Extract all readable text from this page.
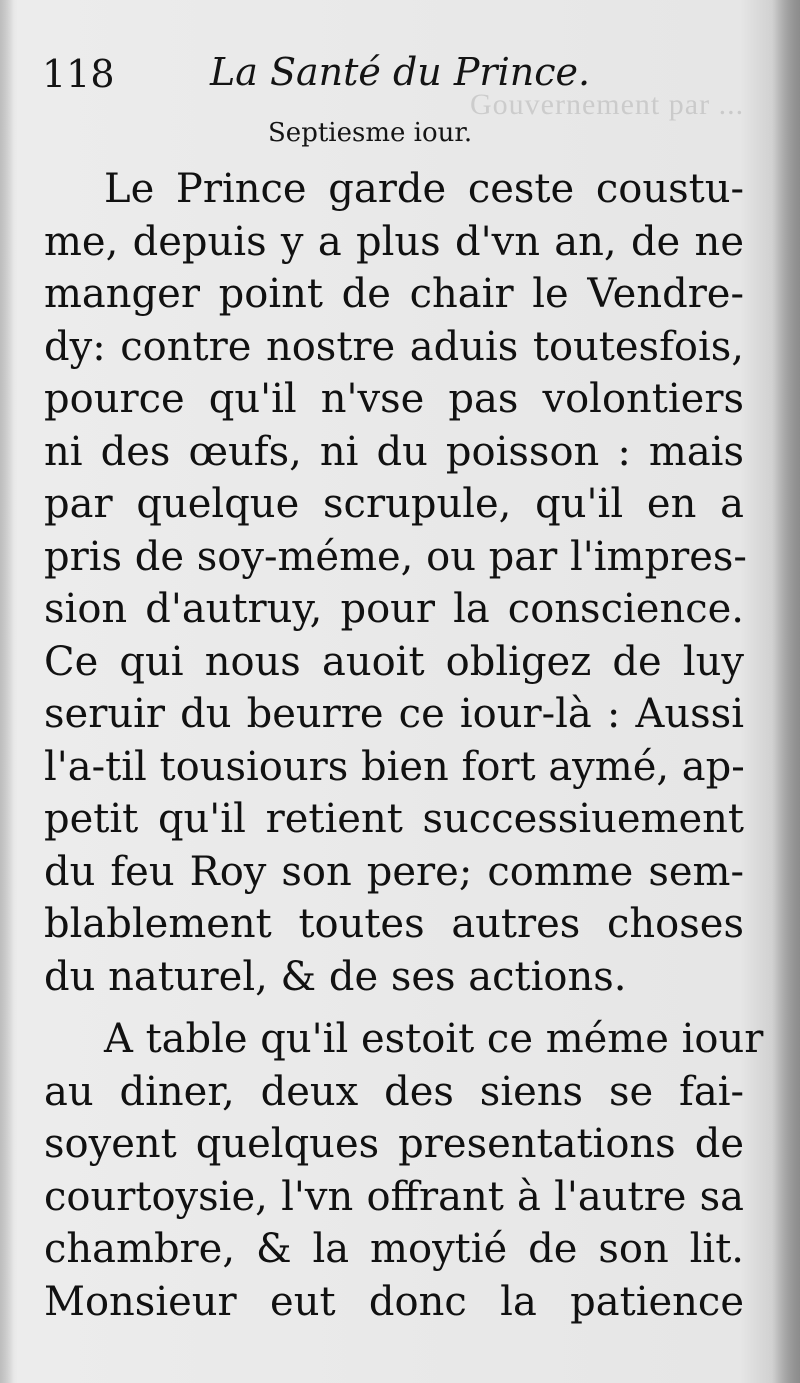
118	La Santé du Prince.
Gouvernement par ...
Septiesme iour.
Le Prince garde ceste coustu-
me, depuis y a plus d'vn an, de ne
manger point de chair le Vendre-
dy: contre nostre aduis toutesfois,
pource qu'il n'vse pas volontiers
ni des œufs, ni du poisson : mais
par quelque scrupule, qu'il en a
pris de soy-méme, ou par l'impres-
sion d'autruy, pour la conscience.
Ce qui nous auoit obligez de luy
seruir du beurre ce iour-là : Aussi
l'a-til tousiours bien fort aymé, ap-
petit qu'il retient successiuement
du feu Roy son pere; comme sem-
blablement toutes autres choses
du naturel, & de ses actions.
A table qu'il estoit ce méme iour
au diner, deux des siens se fai-
soyent quelques presentations de
courtoysie, l'vn offrant à l'autre sa
chambre, & la moytié de son lit.
Monsieur eut donc la patience
